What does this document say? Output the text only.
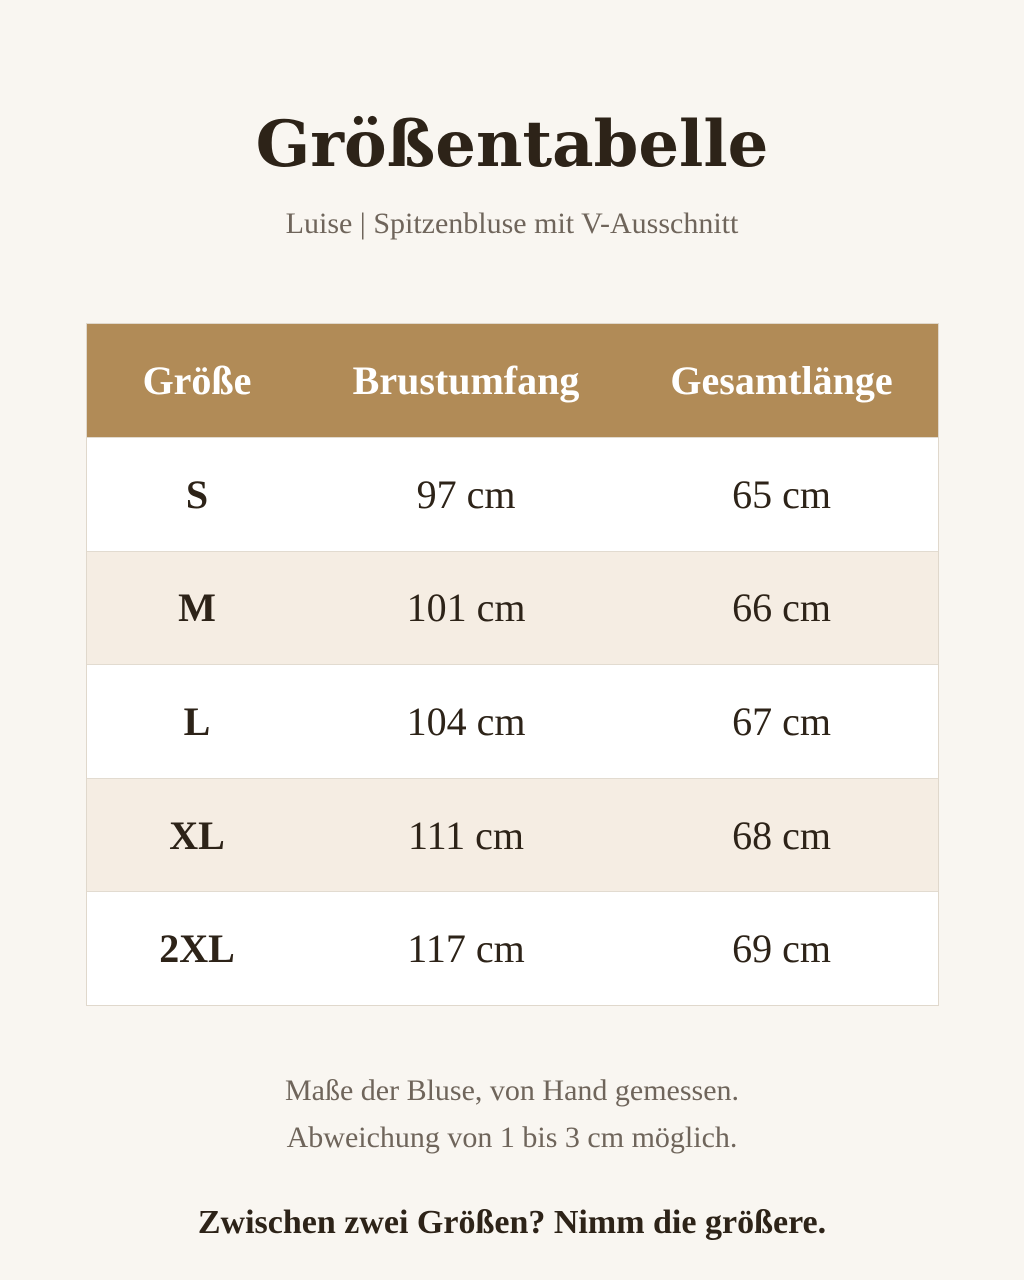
Größentabelle
Luise | Spitzenbluse mit V-Ausschnitt
Größe	Brustumfang	Gesamtlänge
S	97 cm	65 cm
M	101 cm	66 cm
L	104 cm	67 cm
XL	111 cm	68 cm
2XL	117 cm	69 cm
Maße der Bluse, von Hand gemessen.
Abweichung von 1 bis 3 cm möglich.
Zwischen zwei Größen? Nimm die größere.
